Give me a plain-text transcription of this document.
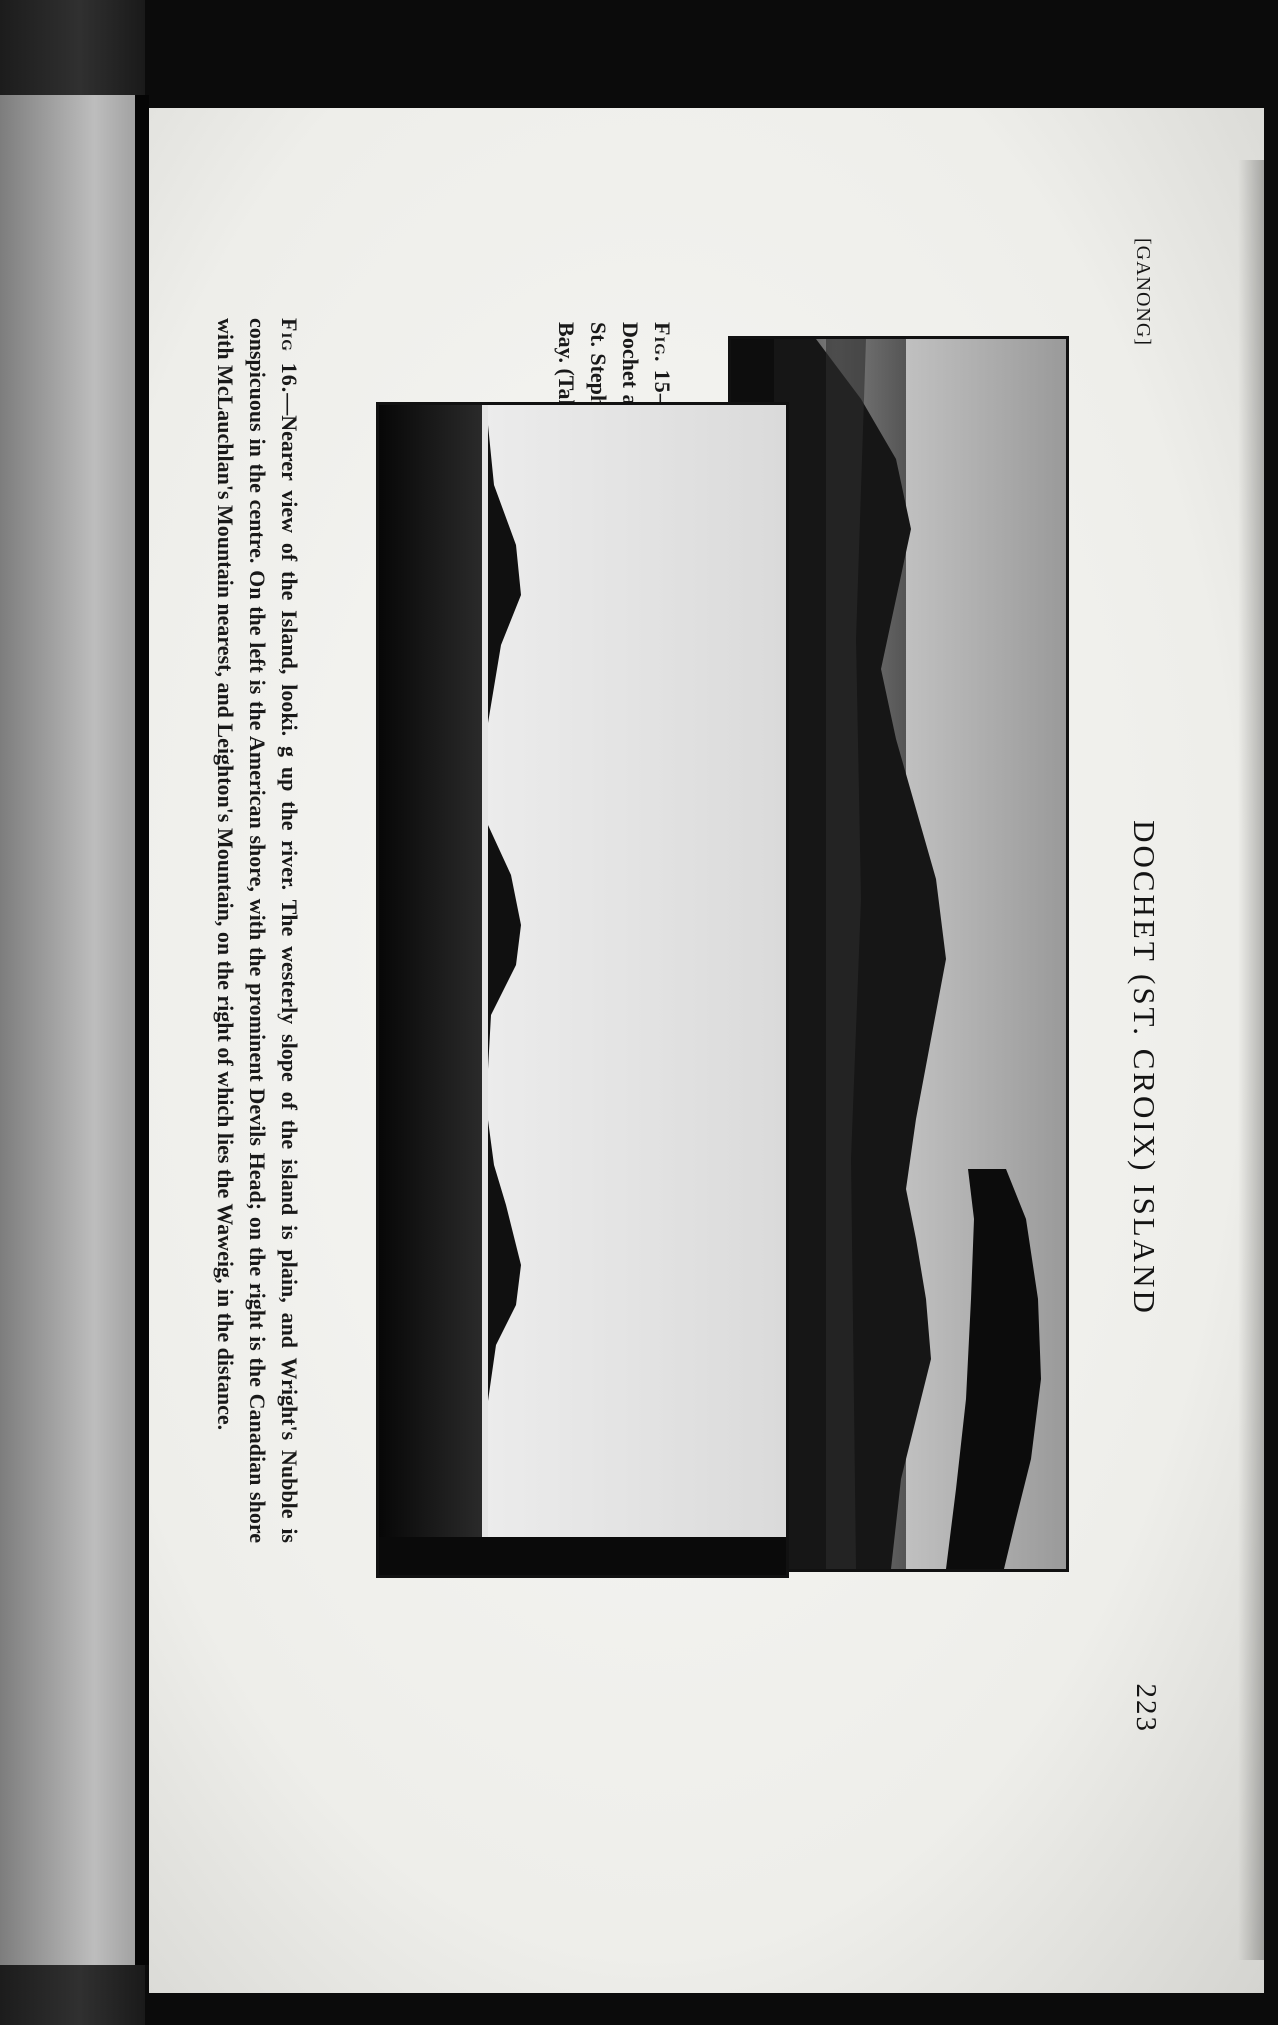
[GANONG]
DOCHET (ST. CROIX) ISLAND
223
Fig. 15
Fig 16.—Nearer view of the Island, looki. g up the river. The westerly slope of the island is plain, and Wright's Nubble is conspicuous in the centre. On the left is the American shore, with the prominent Devils Head; on the right is the Canadian shore with McLauchlan's Mountain nearest, and Leighton's Mountain, on the right of which lies the Waweig, in the distance.
